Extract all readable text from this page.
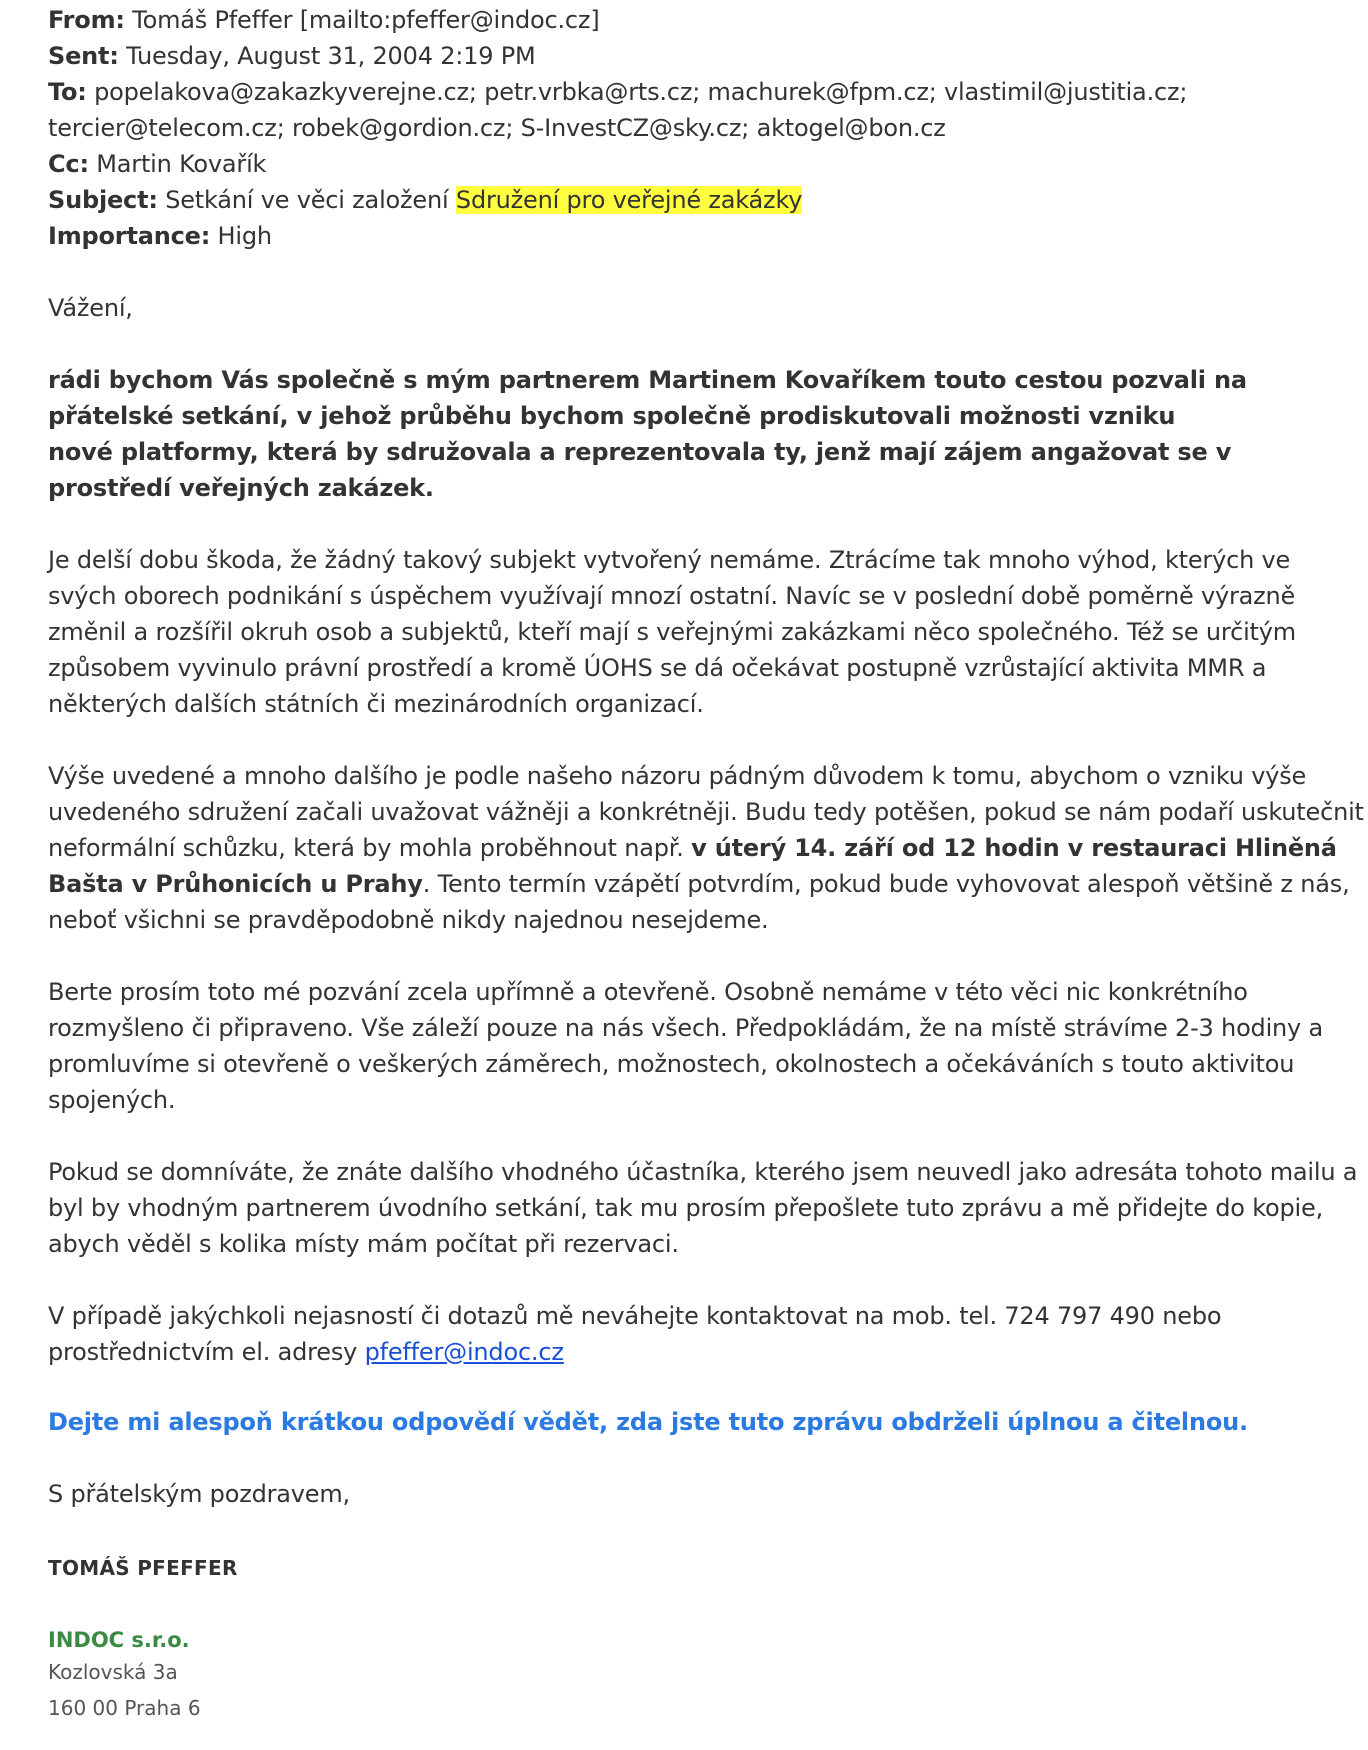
From: Tomáš Pfeffer [mailto:pfeffer@indoc.cz]
Sent: Tuesday, August 31, 2004 2:19 PM
To: popelakova@zakazkyverejne.cz; petr.vrbka@rts.cz; machurek@fpm.cz; vlastimil@justitia.cz;
tercier@telecom.cz; robek@gordion.cz; S-InvestCZ@sky.cz; aktogel@bon.cz
Cc: Martin Kovařík
Subject: Setkání ve věci založení Sdružení pro veřejné zakázky
Importance: High

Vážení,

rádi bychom Vás společně s mým partnerem Martinem Kovaříkem touto cestou pozvali na přátelské setkání, v jehož průběhu bychom společně prodiskutovali možnosti vzniku nové platformy, která by sdružovala a reprezentovala ty, jenž mají zájem angažovat se v prostředí veřejných zakázek.

Je delší dobu škoda, že žádný takový subjekt vytvořený nemáme. Ztrácíme tak mnoho výhod, kterých ve svých oborech podnikání s úspěchem využívají mnozí ostatní. Navíc se v poslední době poměrně výrazně změnil a rozšířil okruh osob a subjektů, kteří mají s veřejnými zakázkami něco společného. Též se určitým způsobem vyvinulo právní prostředí a kromě ÚOHS se dá očekávat postupně vzrůstající aktivita MMR a některých dalších státních či mezinárodních organizací.

Výše uvedené a mnoho dalšího je podle našeho názoru pádným důvodem k tomu, abychom o vzniku výše uvedeného sdružení začali uvažovat vážněji a konkrétněji. Budu tedy potěšen, pokud se nám podaří uskutečnit neformální schůzku, která by mohla proběhnout např. v úterý 14. září od 12 hodin v restauraci Hliněná Bašta v Průhonicích u Prahy. Tento termín vzápětí potvrdím, pokud bude vyhovovat alespoň většině z nás, neboť všichni se pravděpodobně nikdy najednou nesejdeme.

Berte prosím toto mé pozvání zcela upřímně a otevřeně. Osobně nemáme v této věci nic konkrétního rozmyšleno či připraveno. Vše záleží pouze na nás všech. Předpokládám, že na místě strávíme 2-3 hodiny a promluvíme si otevřeně o veškerých záměrech, možnostech, okolnostech a očekáváních s touto aktivitou spojených.

Pokud se domníváte, že znáte dalšího vhodného účastníka, kterého jsem neuvedl jako adresáta tohoto mailu a byl by vhodným partnerem úvodního setkání, tak mu prosím přepošlete tuto zprávu a mě přidejte do kopie, abych věděl s kolika místy mám počítat při rezervaci.

V případě jakýchkoli nejasností či dotazů mě neváhejte kontaktovat na mob. tel. 724 797 490 nebo prostřednictvím el. adresy pfeffer@indoc.cz

Dejte mi alespoň krátkou odpovědí vědět, zda jste tuto zprávu obdrželi úplnou a čitelnou.

S přátelským pozdravem,

TOMÁŠ PFEFFER
INDOC s.r.o.
Kozlovská 3a
160 00 Praha 6
